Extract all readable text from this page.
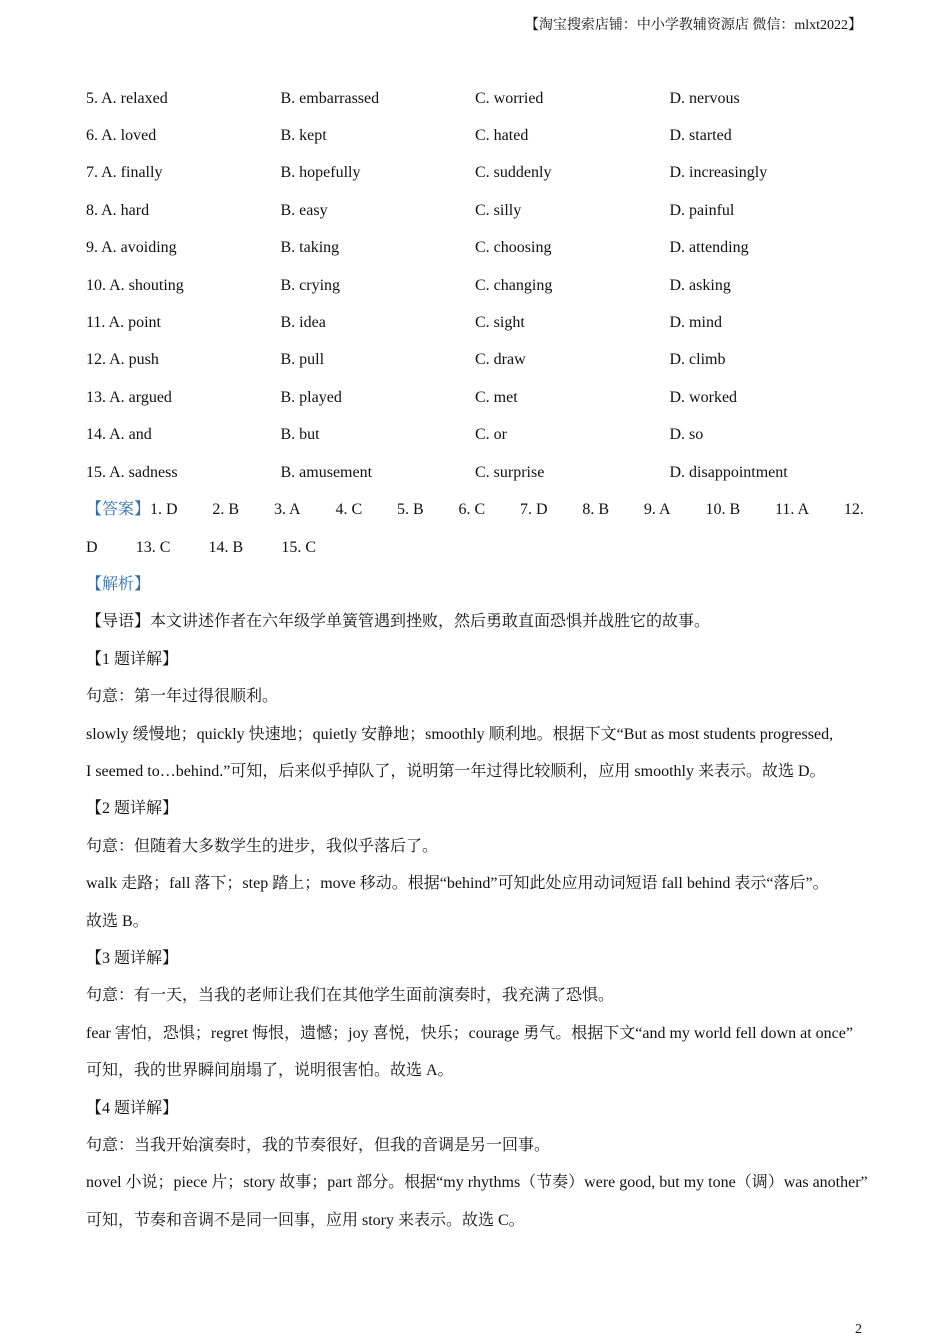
【淘宝搜索店铺：中小学教辅资源店 微信：mlxt2022】
5. A. relaxed	B. embarrassed	C. worried	D. nervous
6. A. loved	B. kept	C. hated	D. started
7. A. finally	B. hopefully	C. suddenly	D. increasingly
8. A. hard	B. easy	C. silly	D. painful
9. A. avoiding	B. taking	C. choosing	D. attending
10. A. shouting	B. crying	C. changing	D. asking
11. A. point	B. idea	C. sight	D. mind
12. A. push	B. pull	C. draw	D. climb
13. A. argued	B. played	C. met	D. worked
14. A. and	B. but	C. or	D. so
15. A. sadness	B. amusement	C. surprise	D. disappointment
【答案】1. D 2. B 3. A 4. C 5. B 6. C 7. D 8. B 9. A 10. B 11. A 12.
D 13. C 14. B 15. C
【解析】
【导语】本文讲述作者在六年级学单簧管遇到挫败，然后勇敢直面恐惧并战胜它的故事。
【1 题详解】
句意：第一年过得很顺利。
slowly 缓慢地；quickly 快速地；quietly 安静地；smoothly 顺利地。根据下文“But as most students progressed,
I seemed to…behind.”可知，后来似乎掉队了，说明第一年过得比较顺利，应用 smoothly 来表示。故选 D。
【2 题详解】
句意：但随着大多数学生的进步，我似乎落后了。
walk 走路；fall 落下；step 踏上；move 移动。根据“behind”可知此处应用动词短语 fall behind 表示“落后”。
故选 B。
【3 题详解】
句意：有一天，当我的老师让我们在其他学生面前演奏时，我充满了恐惧。
fear 害怕，恐惧；regret 悔恨，遗憾；joy 喜悦，快乐；courage 勇气。根据下文“and my world fell down at once”
可知，我的世界瞬间崩塌了，说明很害怕。故选 A。
【4 题详解】
句意：当我开始演奏时，我的节奏很好，但我的音调是另一回事。
novel 小说；piece 片；story 故事；part 部分。根据“my rhythms（节奏）were good, but my tone（调）was another”
可知，节奏和音调不是同一回事，应用 story 来表示。故选 C。
2
